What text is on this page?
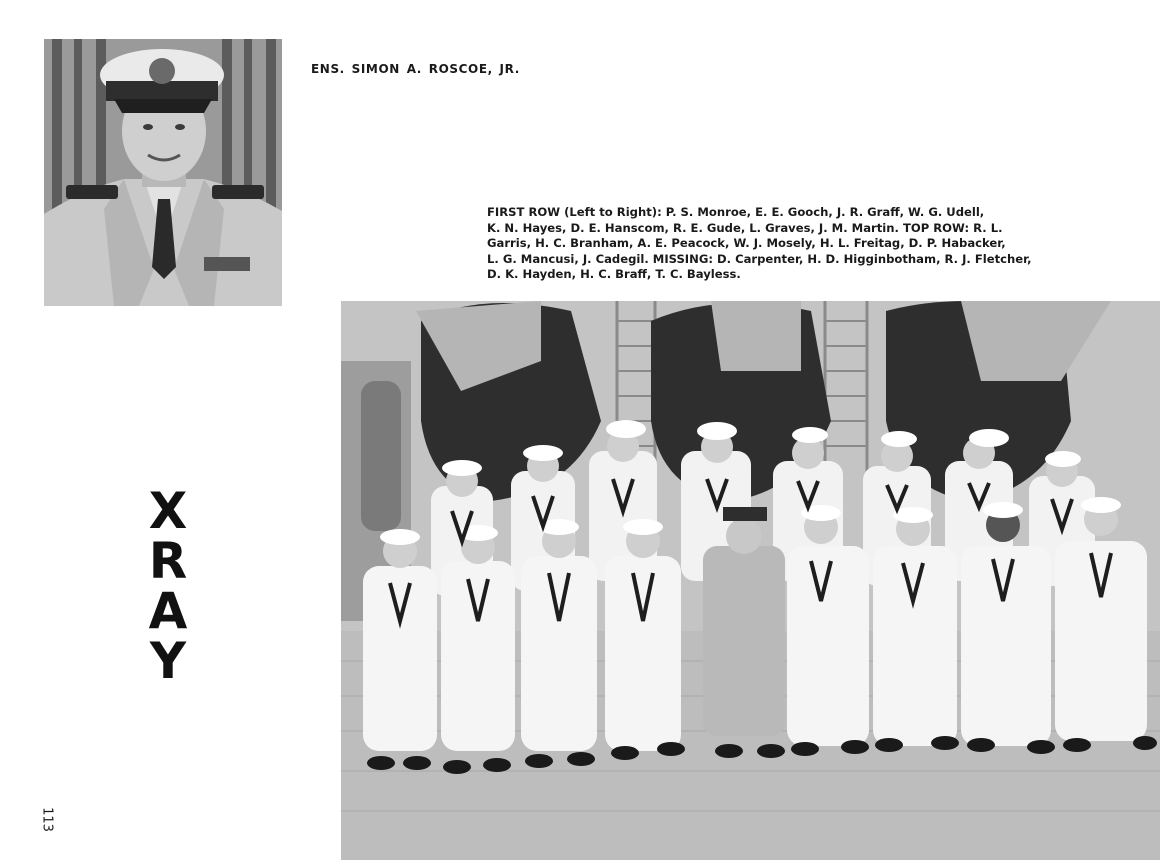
ENS. SIMON A. ROSCOE, JR.
FIRST ROW (Left to Right): P. S. Monroe, E. E. Gooch, J. R. Graff, W. G. Udell,
K. N. Hayes, D. E. Hanscom, R. E. Gude, L. Graves, J. M. Martin. TOP ROW: R. L.
Garris, H. C. Branham, A. E. Peacock, W. J. Mosely, H. L. Freitag, D. P. Habacker,
L. G. Mancusi, J. Cadegil. MISSING: D. Carpenter, H. D. Higginbotham, R. J. Fletcher,
D. K. Hayden, H. C. Braff, T. C. Bayless.
X
R
A
Y
113
